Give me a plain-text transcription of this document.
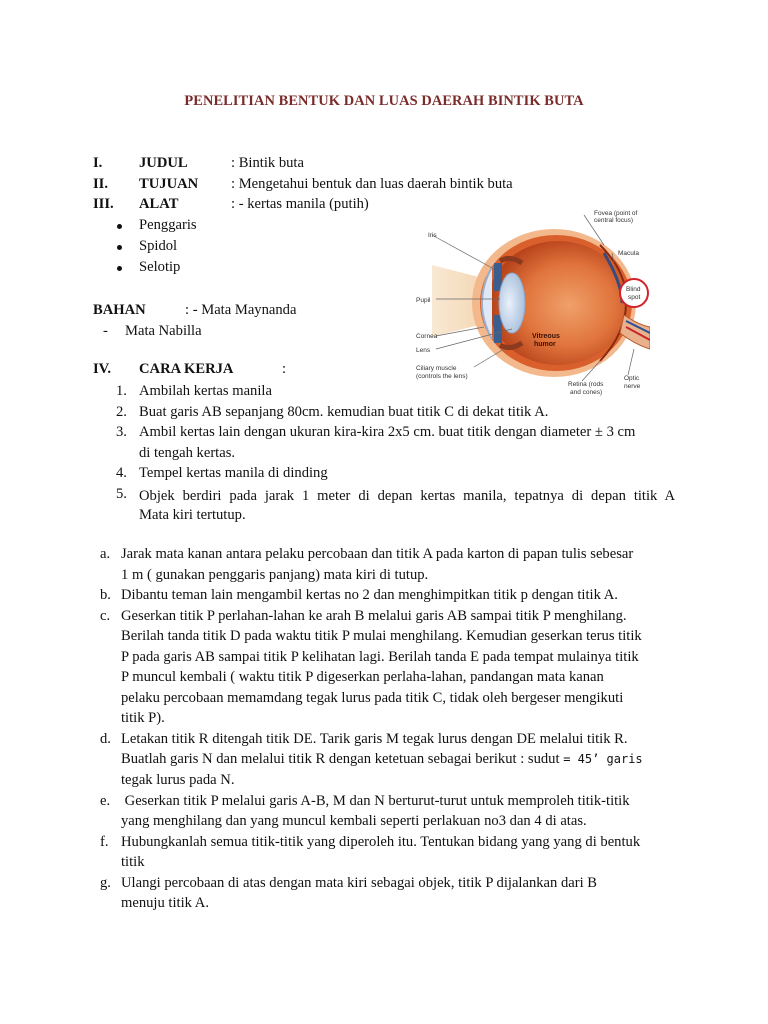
PENELITIAN BENTUK DAN LUAS DAERAH BINTIK BUTA
I.	JUDUL	: Bintik buta
II. TUJUAN : Mengetahui bentuk dan luas daerah bintik buta
III. ALAT	: - kertas manila (putih)
Penggaris
Spidol
Selotip
BAHAN	: - Mata Maynanda
- Mata Nabilla
Fovea (point of
central focus)
Iris
Macula
Blind
spot
Pupil
Cornea
Lens
Ciliary muscle
(controls the lens)
Retina (rods
and cones)
Optic
nerve
Vitreous
humor
IV. CARA KERJA	:
1. Ambilah kertas manila
2. Buat garis AB sepanjang 80cm. kemudian buat titik C di dekat titik A.
3. Ambil kertas lain dengan ukuran kira-kira 2x5 cm. buat titik dengan diameter ± 3 cm
di tengah kertas.
4. Tempel kertas manila di dinding
5. Objek berdiri pada jarak 1 meter di depan kertas manila, tepatnya di depan titik A
Mata kiri tertutup.
a. Jarak mata kanan antara pelaku percobaan dan titik A pada karton di papan tulis sebesar
1 m ( gunakan penggaris panjang) mata kiri di tutup.
b. Dibantu teman lain mengambil kertas no 2 dan menghimpitkan titik p dengan titik A.
c. Geserkan titik P perlahan-lahan ke arah B melalui garis AB sampai titik P menghilang.
Berilah tanda titik D pada waktu titik P mulai menghilang. Kemudian geserkan terus titik
P pada garis AB sampai titik P kelihatan lagi. Berilah tanda E pada tempat mulainya titik
P muncul kembali ( waktu titik P digeserkan perlaha-lahan, pandangan mata kanan
pelaku percobaan memamdang tegak lurus pada titik C, tidak oleh bergeser mengikuti
titik P).
d. Letakan titik R ditengah titik DE. Tarik garis M tegak lurus dengan DE melalui titik R.
Buatlah garis N dan melalui titik R dengan ketetuan sebagai berikut : sudut = 45’ garis
tegak lurus pada N.
e. Geserkan titik P melalui garis A-B, M dan N berturut-turut untuk memproleh titik-titik
yang menghilang dan yang muncul kembali seperti perlakuan no3 dan 4 di atas.
f. Hubungkanlah semua titik-titik yang diperoleh itu. Tentukan bidang yang yang di bentuk
titik
g. Ulangi percobaan di atas dengan mata kiri sebagai objek, titik P dijalankan dari B
menuju titik A.
